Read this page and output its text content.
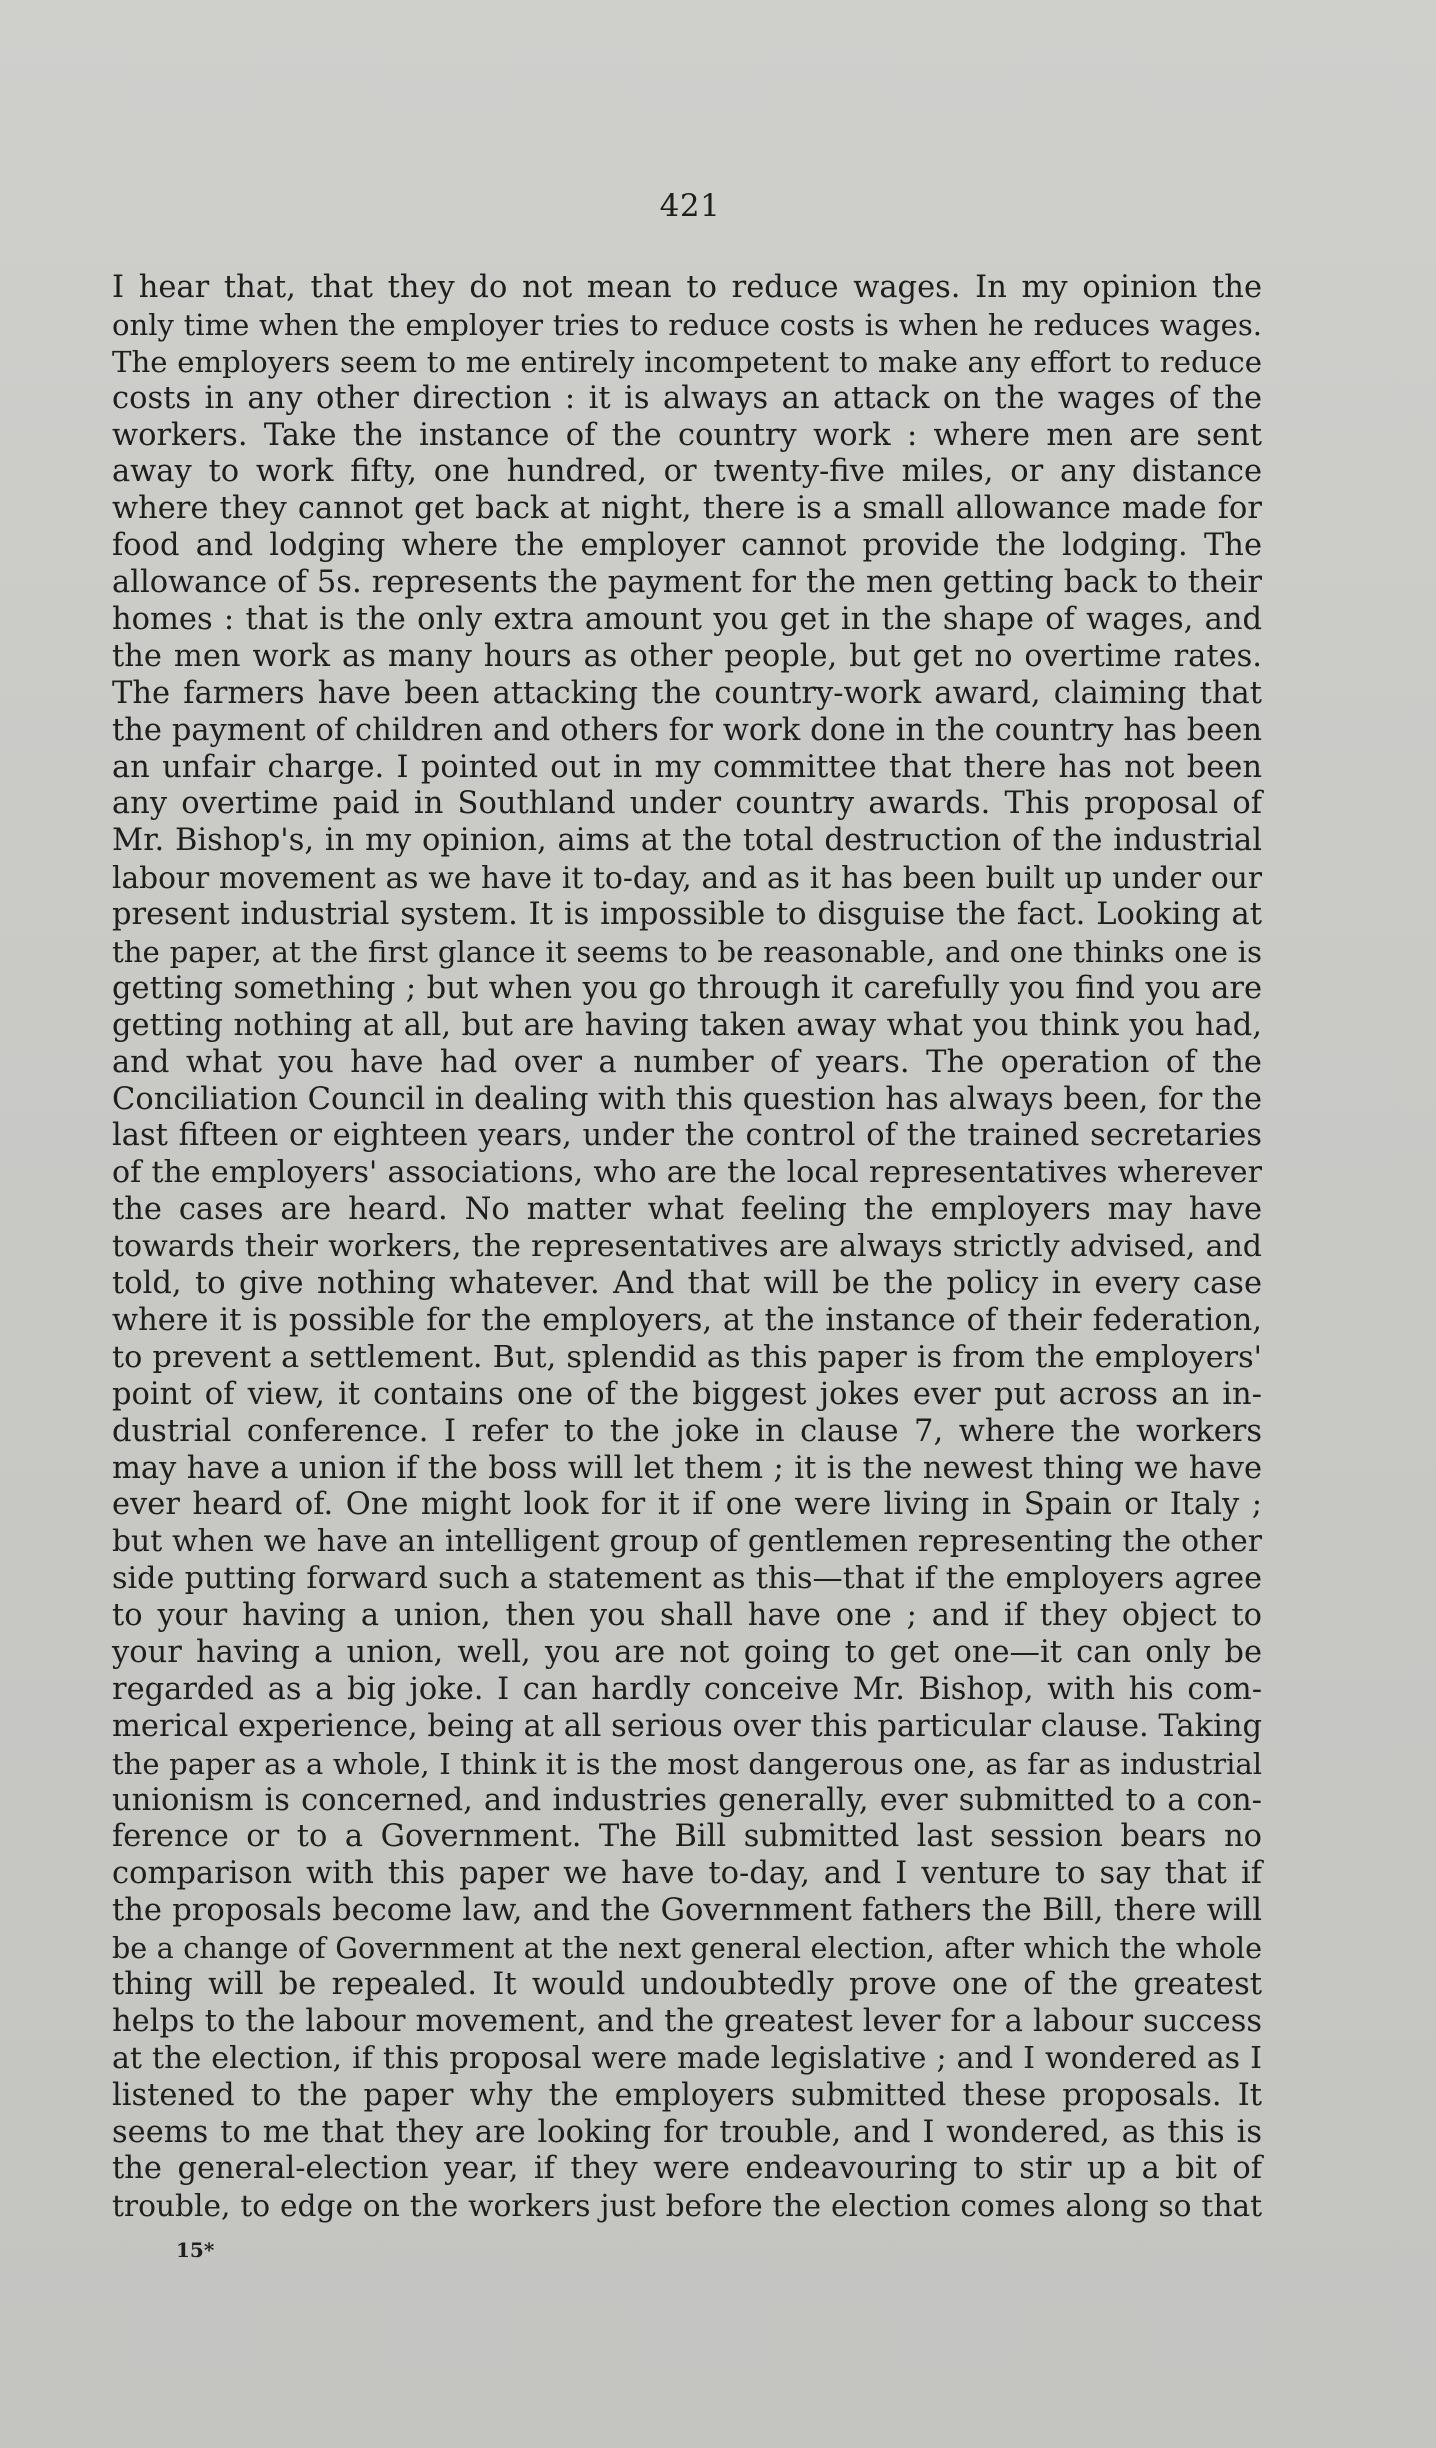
421
I hear that, that they do not mean to reduce wages. In my opinion the
only time when the employer tries to reduce costs is when he reduces wages.
The employers seem to me entirely incompetent to make any effort to reduce
costs in any other direction : it is always an attack on the wages of the
workers. Take the instance of the country work : where men are sent
away to work fifty, one hundred, or twenty-five miles, or any distance
where they cannot get back at night, there is a small allowance made for
food and lodging where the employer cannot provide the lodging. The
allowance of 5s. represents the payment for the men getting back to their
homes : that is the only extra amount you get in the shape of wages, and
the men work as many hours as other people, but get no overtime rates.
The farmers have been attacking the country-work award, claiming that
the payment of children and others for work done in the country has been
an unfair charge. I pointed out in my committee that there has not been
any overtime paid in Southland under country awards. This proposal of
Mr. Bishop's, in my opinion, aims at the total destruction of the industrial
labour movement as we have it to-day, and as it has been built up under our
present industrial system. It is impossible to disguise the fact. Looking at
the paper, at the first glance it seems to be reasonable, and one thinks one is
getting something ; but when you go through it carefully you find you are
getting nothing at all, but are having taken away what you think you had,
and what you have had over a number of years. The operation of the
Conciliation Council in dealing with this question has always been, for the
last fifteen or eighteen years, under the control of the trained secretaries
of the employers' associations, who are the local representatives wherever
the cases are heard. No matter what feeling the employers may have
towards their workers, the representatives are always strictly advised, and
told, to give nothing whatever. And that will be the policy in every case
where it is possible for the employers, at the instance of their federation,
to prevent a settlement. But, splendid as this paper is from the employers'
point of view, it contains one of the biggest jokes ever put across an in-
dustrial conference. I refer to the joke in clause 7, where the workers
may have a union if the boss will let them ; it is the newest thing we have
ever heard of. One might look for it if one were living in Spain or Italy ;
but when we have an intelligent group of gentlemen representing the other
side putting forward such a statement as this—that if the employers agree
to your having a union, then you shall have one ; and if they object to
your having a union, well, you are not going to get one—it can only be
regarded as a big joke. I can hardly conceive Mr. Bishop, with his com-
merical experience, being at all serious over this particular clause. Taking
the paper as a whole, I think it is the most dangerous one, as far as industrial
unionism is concerned, and industries generally, ever submitted to a con-
ference or to a Government. The Bill submitted last session bears no
comparison with this paper we have to-day, and I venture to say that if
the proposals become law, and the Government fathers the Bill, there will
be a change of Government at the next general election, after which the whole
thing will be repealed. It would undoubtedly prove one of the greatest
helps to the labour movement, and the greatest lever for a labour success
at the election, if this proposal were made legislative ; and I wondered as I
listened to the paper why the employers submitted these proposals. It
seems to me that they are looking for trouble, and I wondered, as this is
the general-election year, if they were endeavouring to stir up a bit of
trouble, to edge on the workers just before the election comes along so that
15*
